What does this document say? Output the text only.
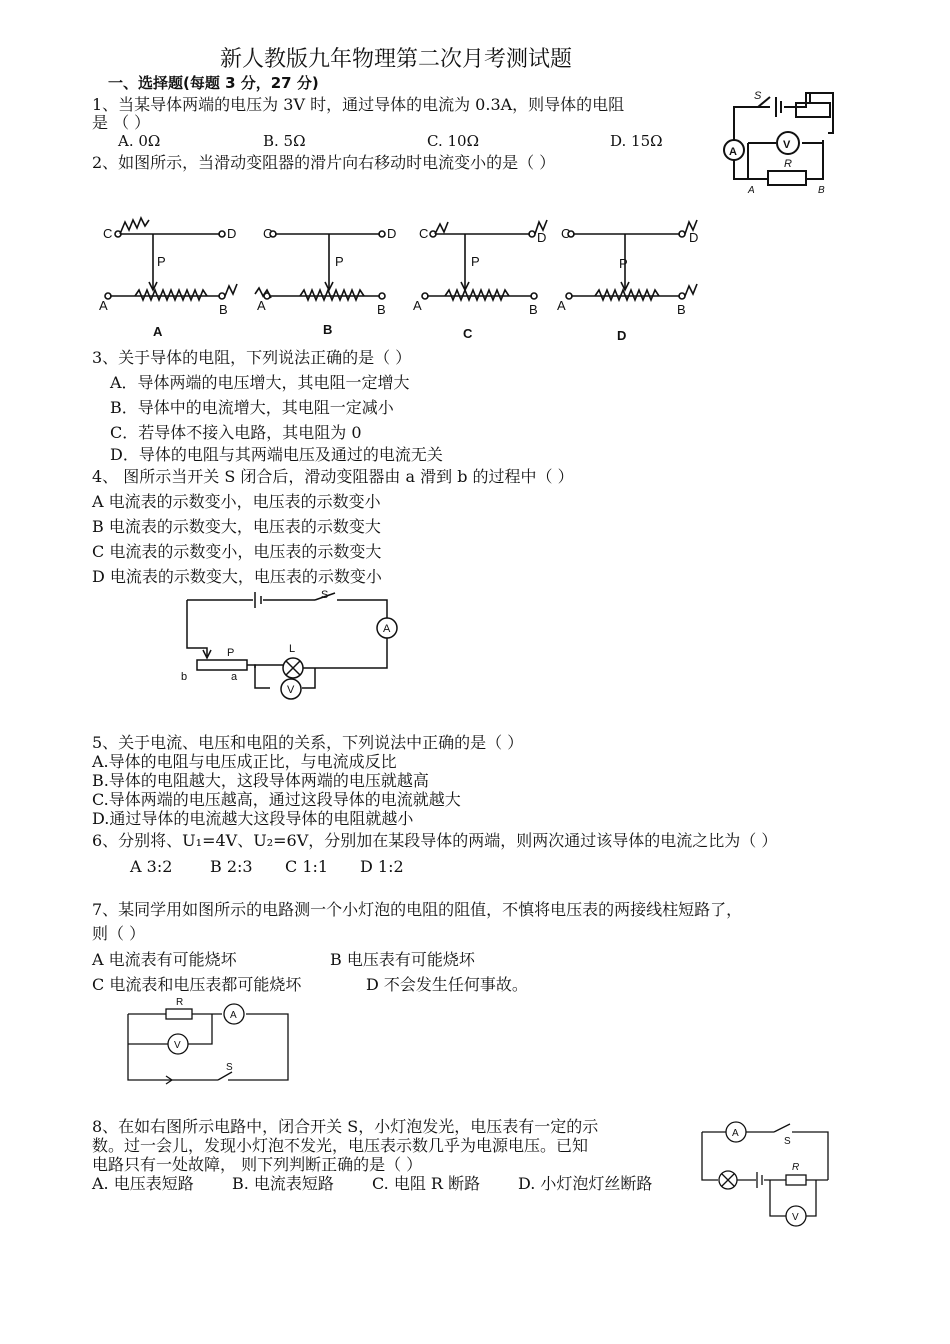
新人教版九年物理第二次月考测试题
一、选择题(每题 3 分，27 分)
1、当某导体两端的电压为 3V 时，通过导体的电流为 0.3A，则导体的电阻
是 （ ）
A. 0Ω	B. 5Ω	C. 10Ω	D. 15Ω
A
V
S
R
A	B
2、如图所示，当滑动变阻器的滑片向右移动时电流变小的是（ ）
C	D
P
A	B
C	D
P
A	B
C	D
P
A	B
C	D
P
A	B
A	B	C	D
3、关于导体的电阻，下列说法正确的是（ ）
A．导体两端的电压增大，其电阻一定增大
B．导体中的电流增大，其电阻一定减小
C．若导体不接入电路，其电阻为 0
D．导体的电阻与其两端电压及通过的电流无关
4、 图所示当开关 S 闭合后，滑动变阻器由 a 滑到 b 的过程中（ ）
A 电流表的示数变小，电压表的示数变小
B 电流表的示数变大，电压表的示数变大
C 电流表的示数变小，电压表的示数变大
D 电流表的示数变大，电压表的示数变小
A
V
S
L
P
b	a
5、关于电流、电压和电阻的关系，下列说法中正确的是（ ）
A.导体的电阻与电压成正比，与电流成反比
B.导体的电阻越大，这段导体两端的电压就越高
C.导体两端的电压越高，通过这段导体的电流就越大
D.通过导体的电流越大这段导体的电阻就越小
6、分别将、U₁=4V、U₂=6V，分别加在某段导体的两端，则两次通过该导体的电流之比为（ ）
A 3:2 B 2:3 C 1:1 D 1:2
7、某同学用如图所示的电路测一个小灯泡的电阻的阻值，不慎将电压表的两接线柱短路了，
则（ ）
A 电流表有可能烧坏	B 电压表有可能烧坏
C 电流表和电压表都可能烧坏	D 不会发生任何事故。
A
V
R
S
8、在如右图所示电路中，闭合开关 S，小灯泡发光，电压表有一定的示
数。过一会儿，发现小灯泡不发光，电压表示数几乎为电源电压。已知
电路只有一处故障， 则下列判断正确的是（ ）
A. 电压表短路 B. 电流表短路 C. 电阻 R 断路 D. 小灯泡灯丝断路
A
V
S
R
